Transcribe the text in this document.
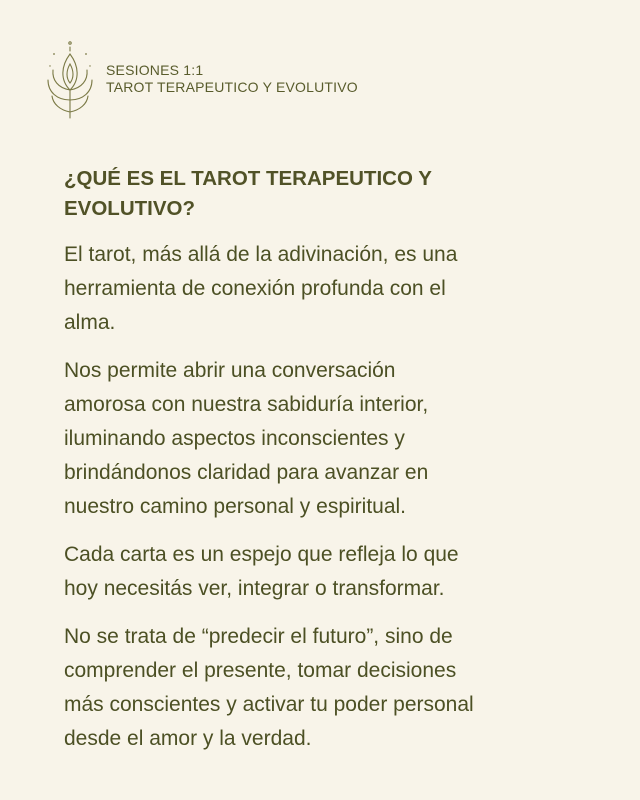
SESIONES 1:1
TAROT TERAPEUTICO Y EVOLUTIVO
¿QUÉ ES EL TAROT TERAPEUTICO Y
EVOLUTIVO?

El tarot, más allá de la adivinación, es una
herramienta de conexión profunda con el
alma.

Nos permite abrir una conversación
amorosa con nuestra sabiduría interior,
iluminando aspectos inconscientes y
brindándonos claridad para avanzar en
nuestro camino personal y espiritual.

Cada carta es un espejo que refleja lo que
hoy necesitás ver, integrar o transformar.

No se trata de “predecir el futuro”, sino de
comprender el presente, tomar decisiones
más conscientes y activar tu poder personal
desde el amor y la verdad.
